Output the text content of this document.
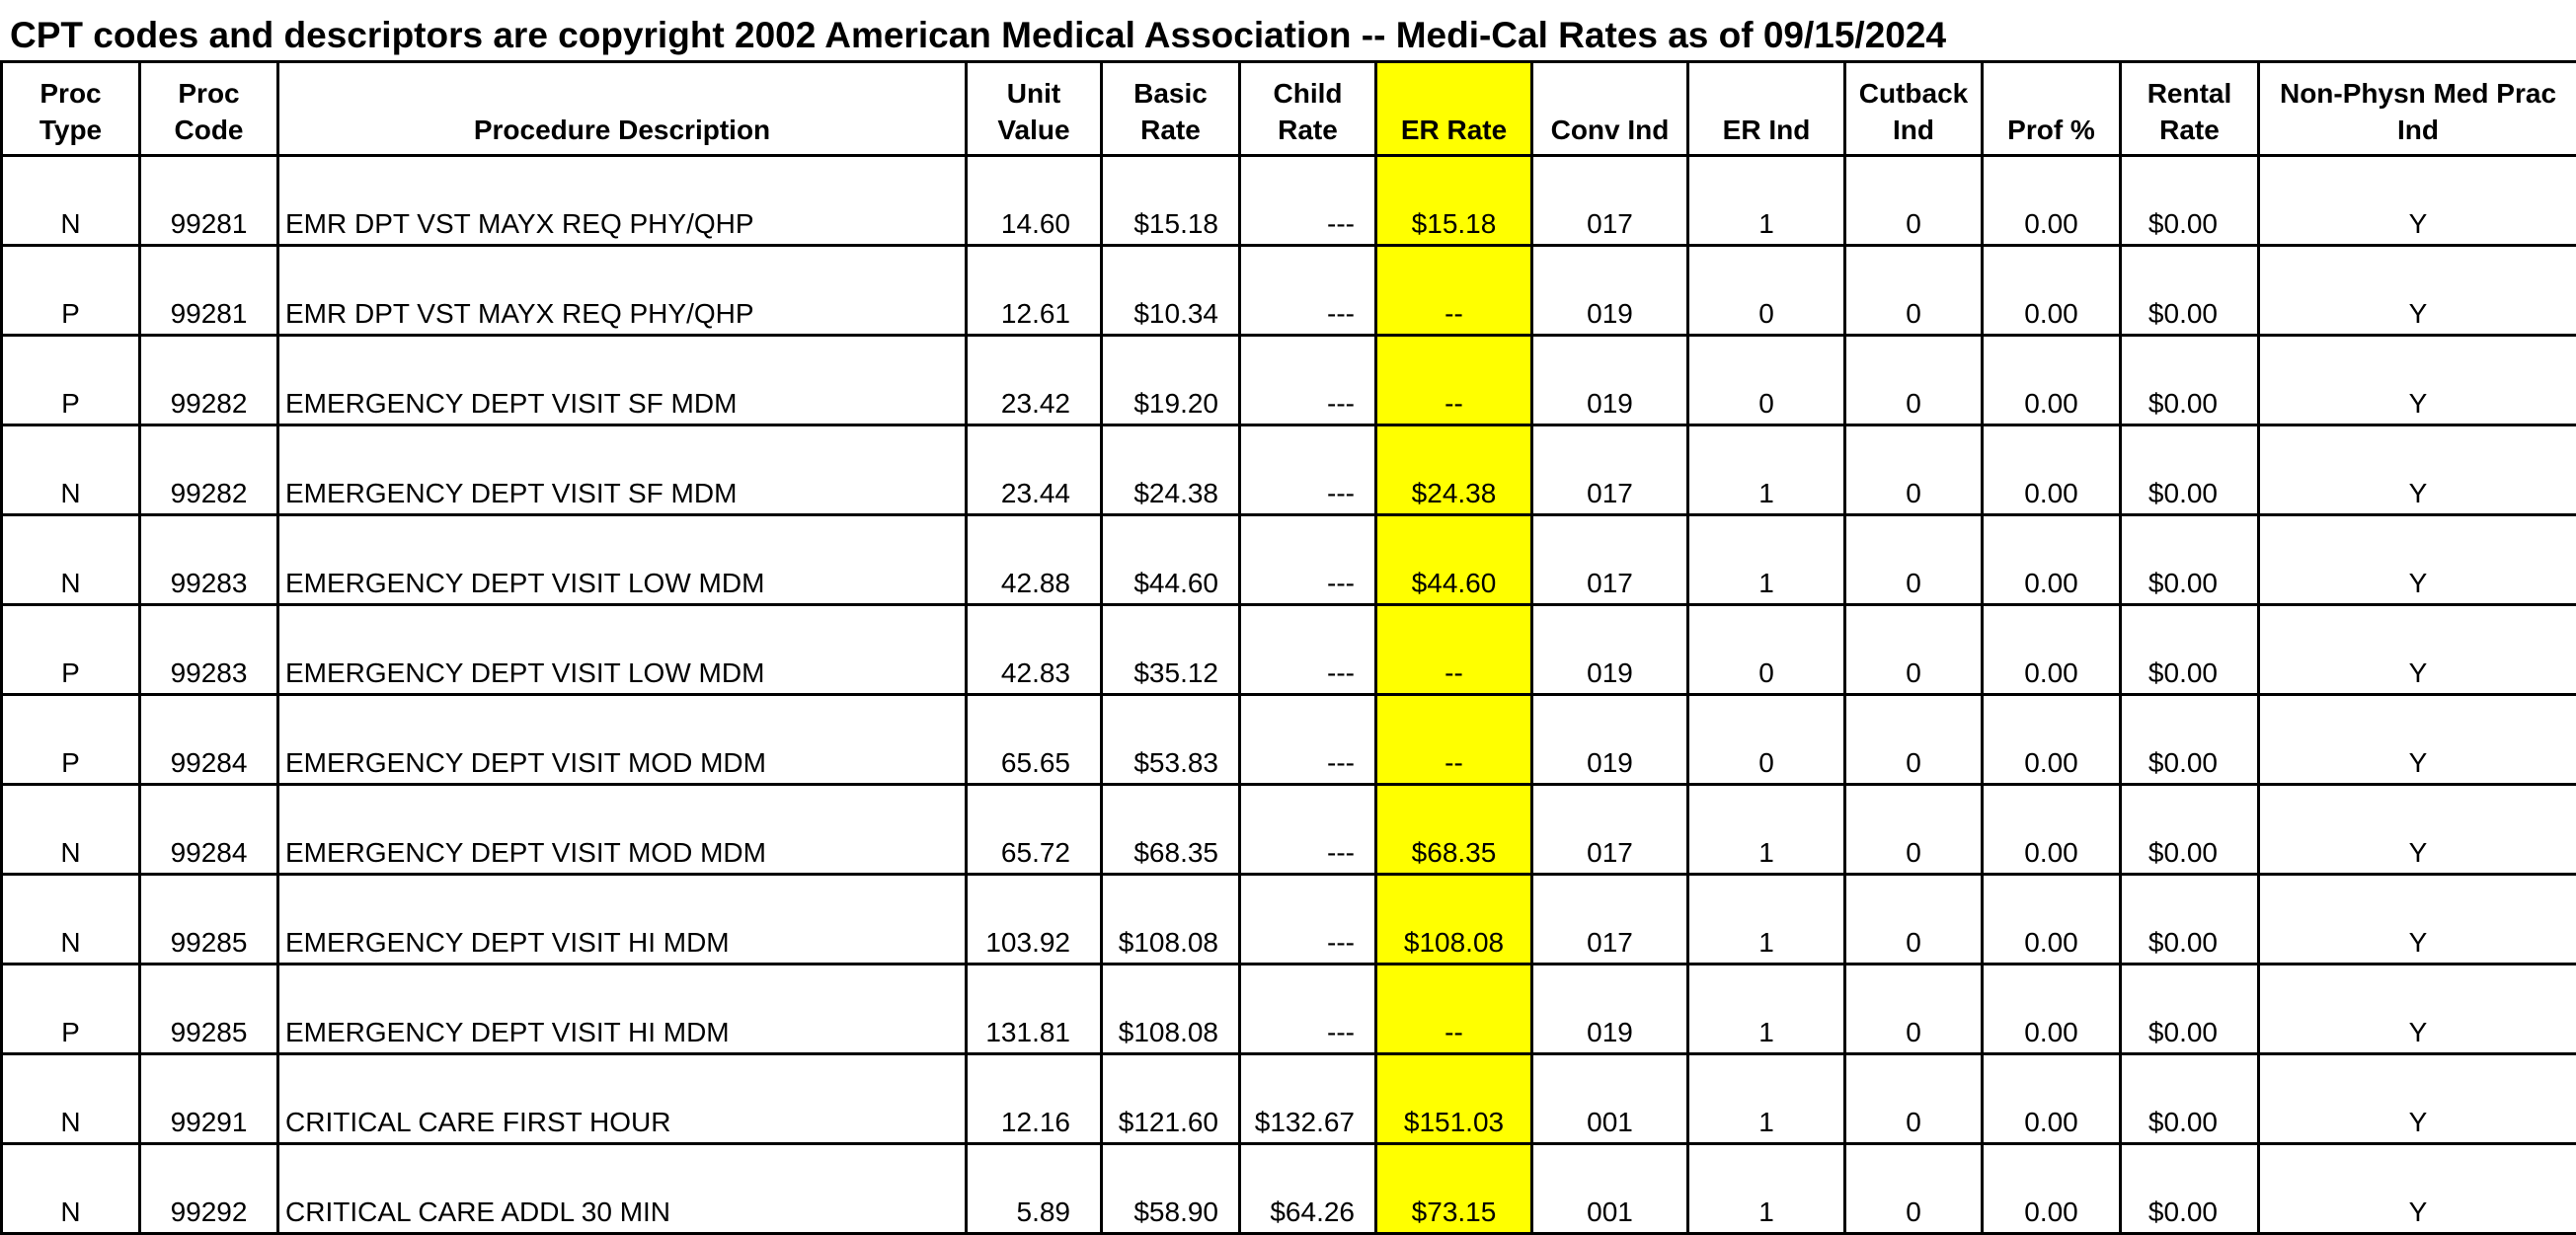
CPT codes and descriptors are copyright 2002 American Medical Association -- Medi-Cal Rates as of 09/15/2024
Proc Type	Proc Code	Procedure Description	Unit Value	Basic Rate	Child Rate	ER Rate	Conv Ind	ER Ind	Cutback Ind	Prof %	Rental Rate	Non-Physn Med Prac Ind
N	99281	EMR DPT VST MAYX REQ PHY/QHP	14.60	$15.18	---	$15.18	017	1	0	0.00	$0.00	Y
P	99281	EMR DPT VST MAYX REQ PHY/QHP	12.61	$10.34	---	--	019	0	0	0.00	$0.00	Y
P	99282	EMERGENCY DEPT VISIT SF MDM	23.42	$19.20	---	--	019	0	0	0.00	$0.00	Y
N	99282	EMERGENCY DEPT VISIT SF MDM	23.44	$24.38	---	$24.38	017	1	0	0.00	$0.00	Y
N	99283	EMERGENCY DEPT VISIT LOW MDM	42.88	$44.60	---	$44.60	017	1	0	0.00	$0.00	Y
P	99283	EMERGENCY DEPT VISIT LOW MDM	42.83	$35.12	---	--	019	0	0	0.00	$0.00	Y
P	99284	EMERGENCY DEPT VISIT MOD MDM	65.65	$53.83	---	--	019	0	0	0.00	$0.00	Y
N	99284	EMERGENCY DEPT VISIT MOD MDM	65.72	$68.35	---	$68.35	017	1	0	0.00	$0.00	Y
N	99285	EMERGENCY DEPT VISIT HI MDM	103.92	$108.08	---	$108.08	017	1	0	0.00	$0.00	Y
P	99285	EMERGENCY DEPT VISIT HI MDM	131.81	$108.08	---	--	019	1	0	0.00	$0.00	Y
N	99291	CRITICAL CARE FIRST HOUR	12.16	$121.60	$132.67	$151.03	001	1	0	0.00	$0.00	Y
N	99292	CRITICAL CARE ADDL 30 MIN	5.89	$58.90	$64.26	$73.15	001	1	0	0.00	$0.00	Y
